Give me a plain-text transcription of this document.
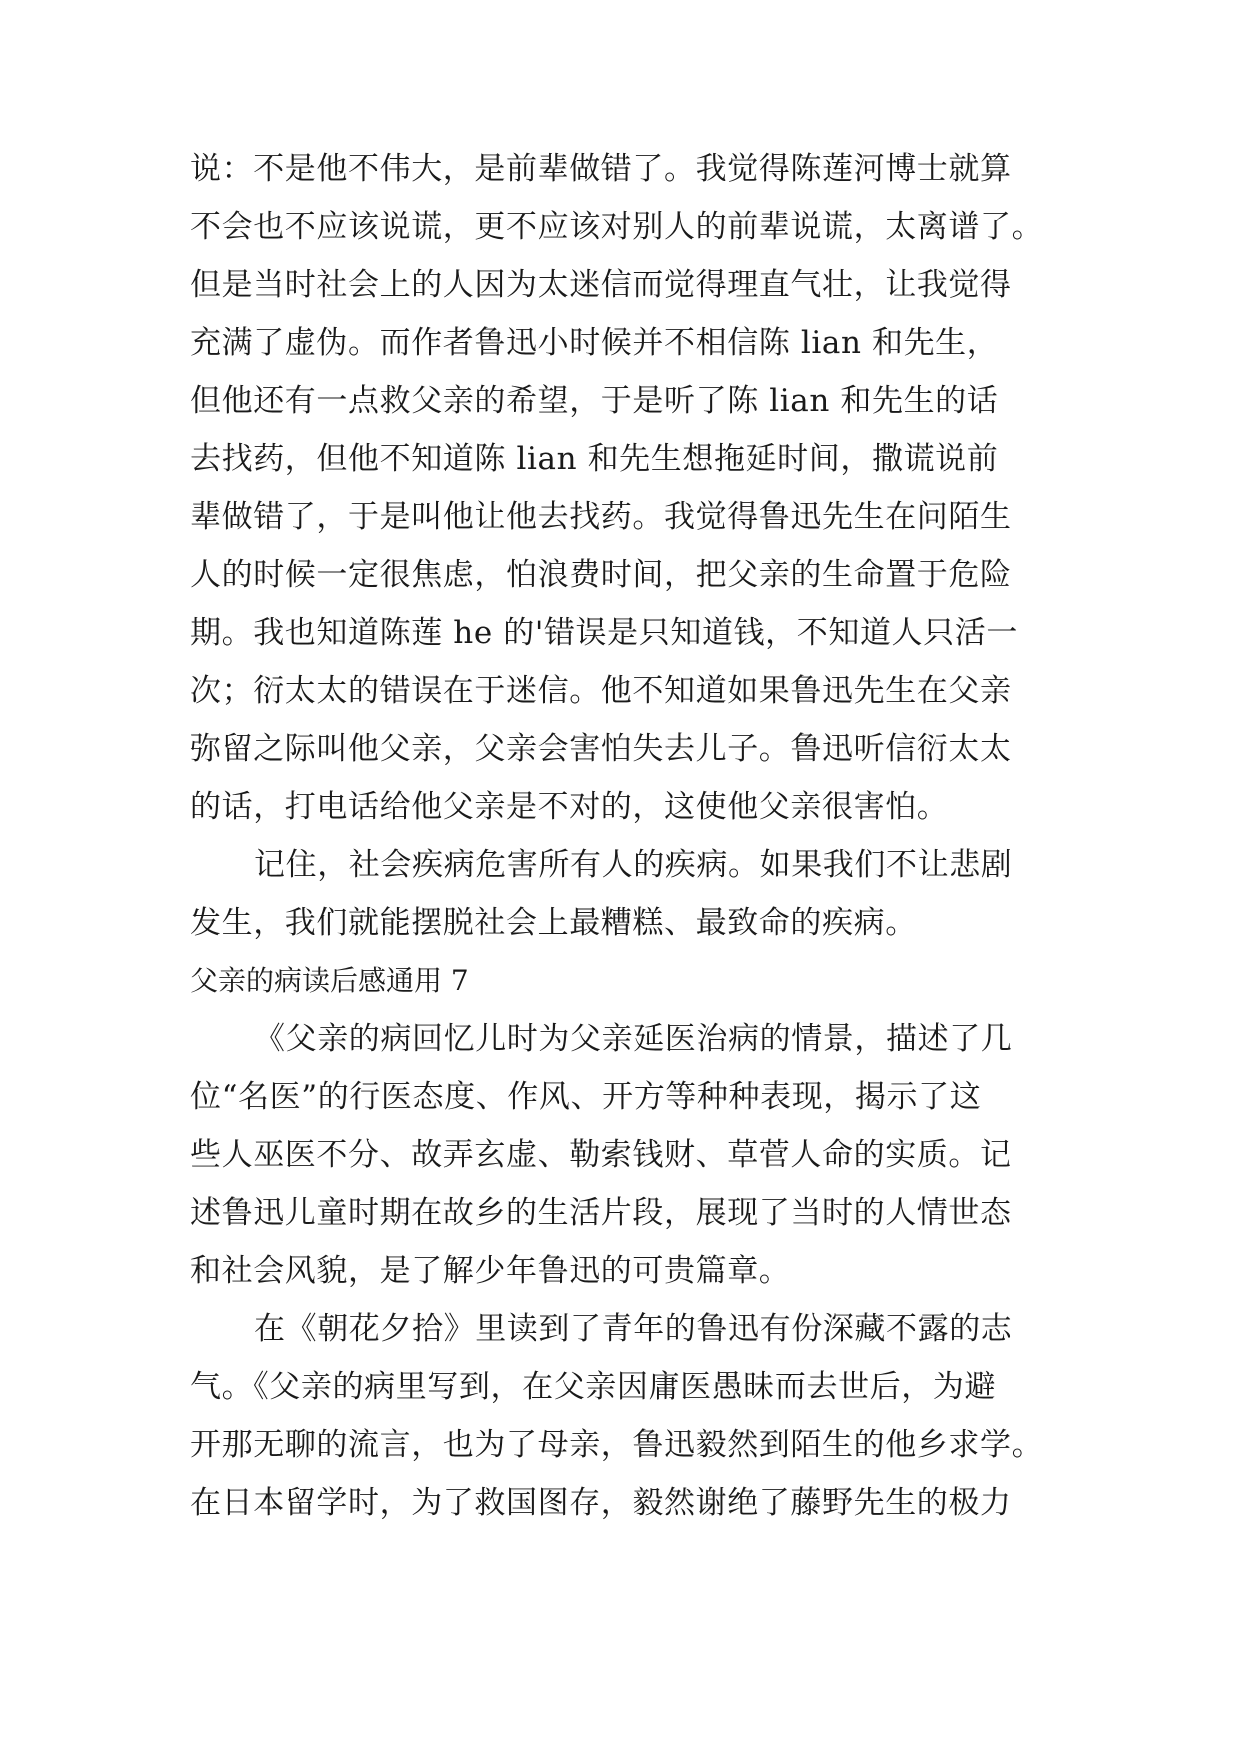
说：不是他不伟大，是前辈做错了。我觉得陈莲河博士就算
不会也不应该说谎，更不应该对别人的前辈说谎，太离谱了。
但是当时社会上的人因为太迷信而觉得理直气壮，让我觉得
充满了虚伪。而作者鲁迅小时候并不相信陈 lian 和先生，
但他还有一点救父亲的希望，于是听了陈 lian 和先生的话
去找药，但他不知道陈 lian 和先生想拖延时间，撒谎说前
辈做错了，于是叫他让他去找药。我觉得鲁迅先生在问陌生
人的时候一定很焦虑，怕浪费时间，把父亲的生命置于危险
期。我也知道陈莲 he 的'错误是只知道钱，不知道人只活一
次；衍太太的错误在于迷信。他不知道如果鲁迅先生在父亲
弥留之际叫他父亲，父亲会害怕失去儿子。鲁迅听信衍太太
的话，打电话给他父亲是不对的，这使他父亲很害怕。
记住，社会疾病危害所有人的疾病。如果我们不让悲剧
发生，我们就能摆脱社会上最糟糕、最致命的疾病。
父亲的病读后感通用 7
《父亲的病回忆儿时为父亲延医治病的情景，描述了几
位“名医”的行医态度、作风、开方等种种表现，揭示了这
些人巫医不分、故弄玄虚、勒索钱财、草菅人命的实质。记
述鲁迅儿童时期在故乡的生活片段，展现了当时的人情世态
和社会风貌，是了解少年鲁迅的可贵篇章。
在《朝花夕拾》里读到了青年的鲁迅有份深藏不露的志
气。《父亲的病里写到，在父亲因庸医愚昧而去世后，为避
开那无聊的流言，也为了母亲，鲁迅毅然到陌生的他乡求学。
在日本留学时，为了救国图存，毅然谢绝了藤野先生的极力
